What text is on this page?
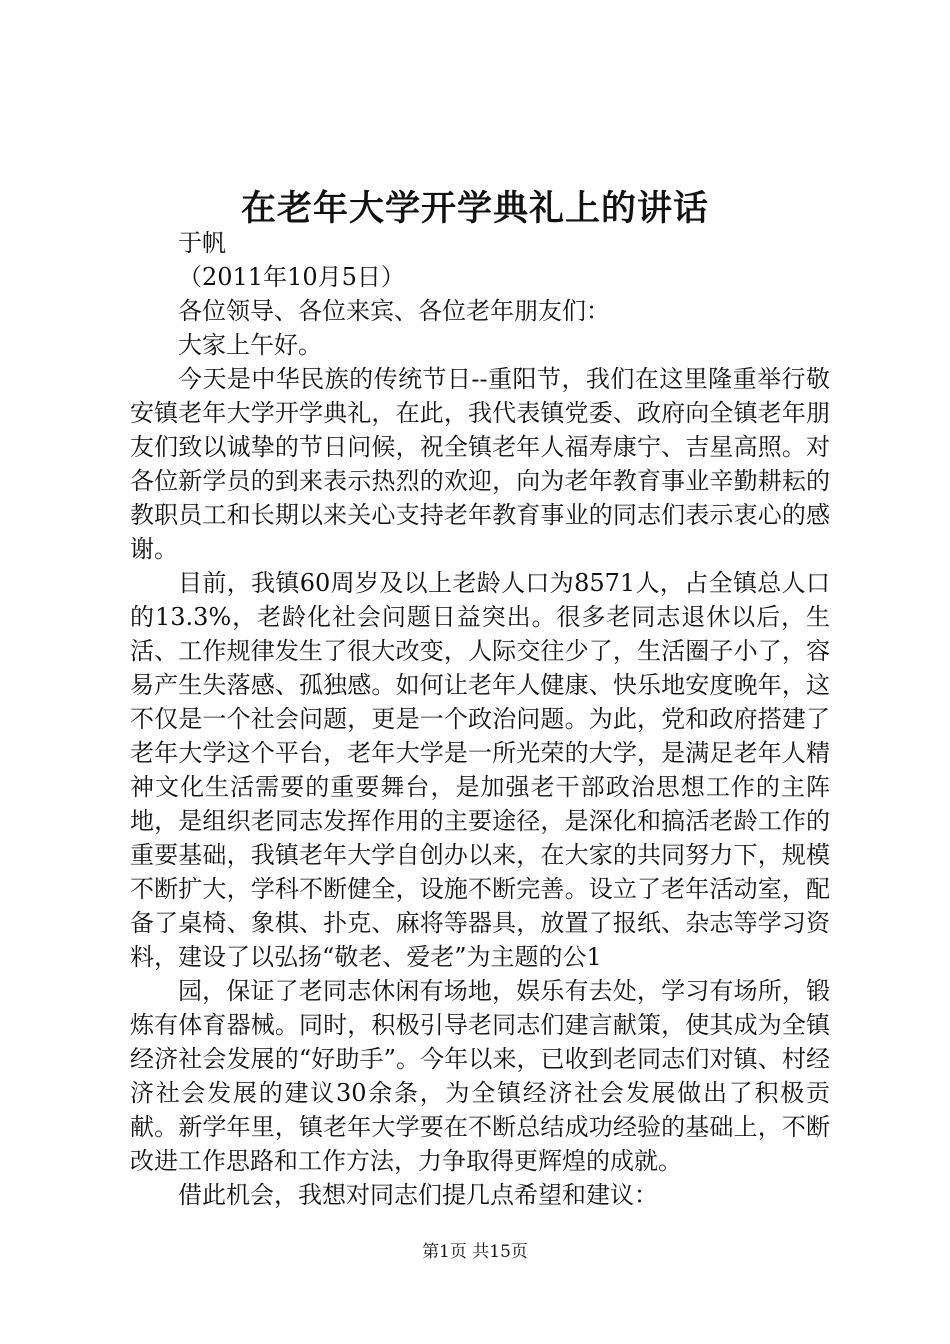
在老年大学开学典礼上的讲话

于帆

（2011年10月5日）

各位领导、各位来宾、各位老年朋友们：

大家上午好。

今天是中华民族的传统节日--重阳节，我们在这里隆重举行敬安镇老年大学开学典礼，在此，我代表镇党委、政府向全镇老年朋友们致以诚挚的节日问候，祝全镇老年人福寿康宁、吉星高照。对各位新学员的到来表示热烈的欢迎，向为老年教育事业辛勤耕耘的教职员工和长期以来关心支持老年教育事业的同志们表示衷心的感谢。

目前，我镇60周岁及以上老龄人口为8571人，占全镇总人口的13.3%，老龄化社会问题日益突出。很多老同志退休以后，生活、工作规律发生了很大改变，人际交往少了，生活圈子小了，容易产生失落感、孤独感。如何让老年人健康、快乐地安度晚年，这不仅是一个社会问题，更是一个政治问题。为此，党和政府搭建了老年大学这个平台，老年大学是一所光荣的大学，是满足老年人精神文化生活需要的重要舞台，是加强老干部政治思想工作的主阵地，是组织老同志发挥作用的主要途径，是深化和搞活老龄工作的重要基础，我镇老年大学自创办以来，在大家的共同努力下，规模不断扩大，学科不断健全，设施不断完善。设立了老年活动室，配备了桌椅、象棋、扑克、麻将等器具，放置了报纸、杂志等学习资料，建设了以弘扬“敬老、爱老”为主题的公1

园，保证了老同志休闲有场地，娱乐有去处，学习有场所，锻炼有体育器械。同时，积极引导老同志们建言献策，使其成为全镇经济社会发展的“好助手”。今年以来，已收到老同志们对镇、村经济社会发展的建议30余条，为全镇经济社会发展做出了积极贡献。新学年里，镇老年大学要在不断总结成功经验的基础上，不断改进工作思路和工作方法，力争取得更辉煌的成就。

借此机会，我想对同志们提几点希望和建议：

第1页 共15页
